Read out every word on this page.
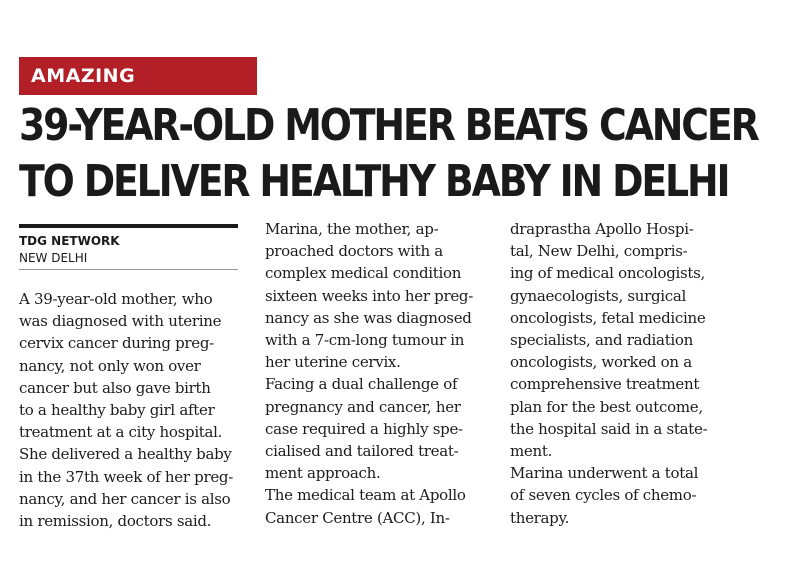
AMAZING
39-YEAR-OLD MOTHER BEATS CANCER
TO DELIVER HEALTHY BABY IN DELHI
TDG NETWORK
NEW DELHI
A 39-year-old mother, who
was diagnosed with uterine
cervix cancer during preg-
nancy, not only won over
cancer but also gave birth
to a healthy baby girl after
treatment at a city hospital.
She delivered a healthy baby
in the 37th week of her preg-
nancy, and her cancer is also
in remission, doctors said.
Marina, the mother, ap-
proached doctors with a
complex medical condition
sixteen weeks into her preg-
nancy as she was diagnosed
with a 7-cm-long tumour in
her uterine cervix.
Facing a dual challenge of
pregnancy and cancer, her
case required a highly spe-
cialised and tailored treat-
ment approach.
The medical team at Apollo
Cancer Centre (ACC), In-
draprastha Apollo Hospi-
tal, New Delhi, compris-
ing of medical oncologists,
gynaecologists, surgical
oncologists, fetal medicine
specialists, and radiation
oncologists, worked on a
comprehensive treatment
plan for the best outcome,
the hospital said in a state-
ment.
Marina underwent a total
of seven cycles of chemo-
therapy.
